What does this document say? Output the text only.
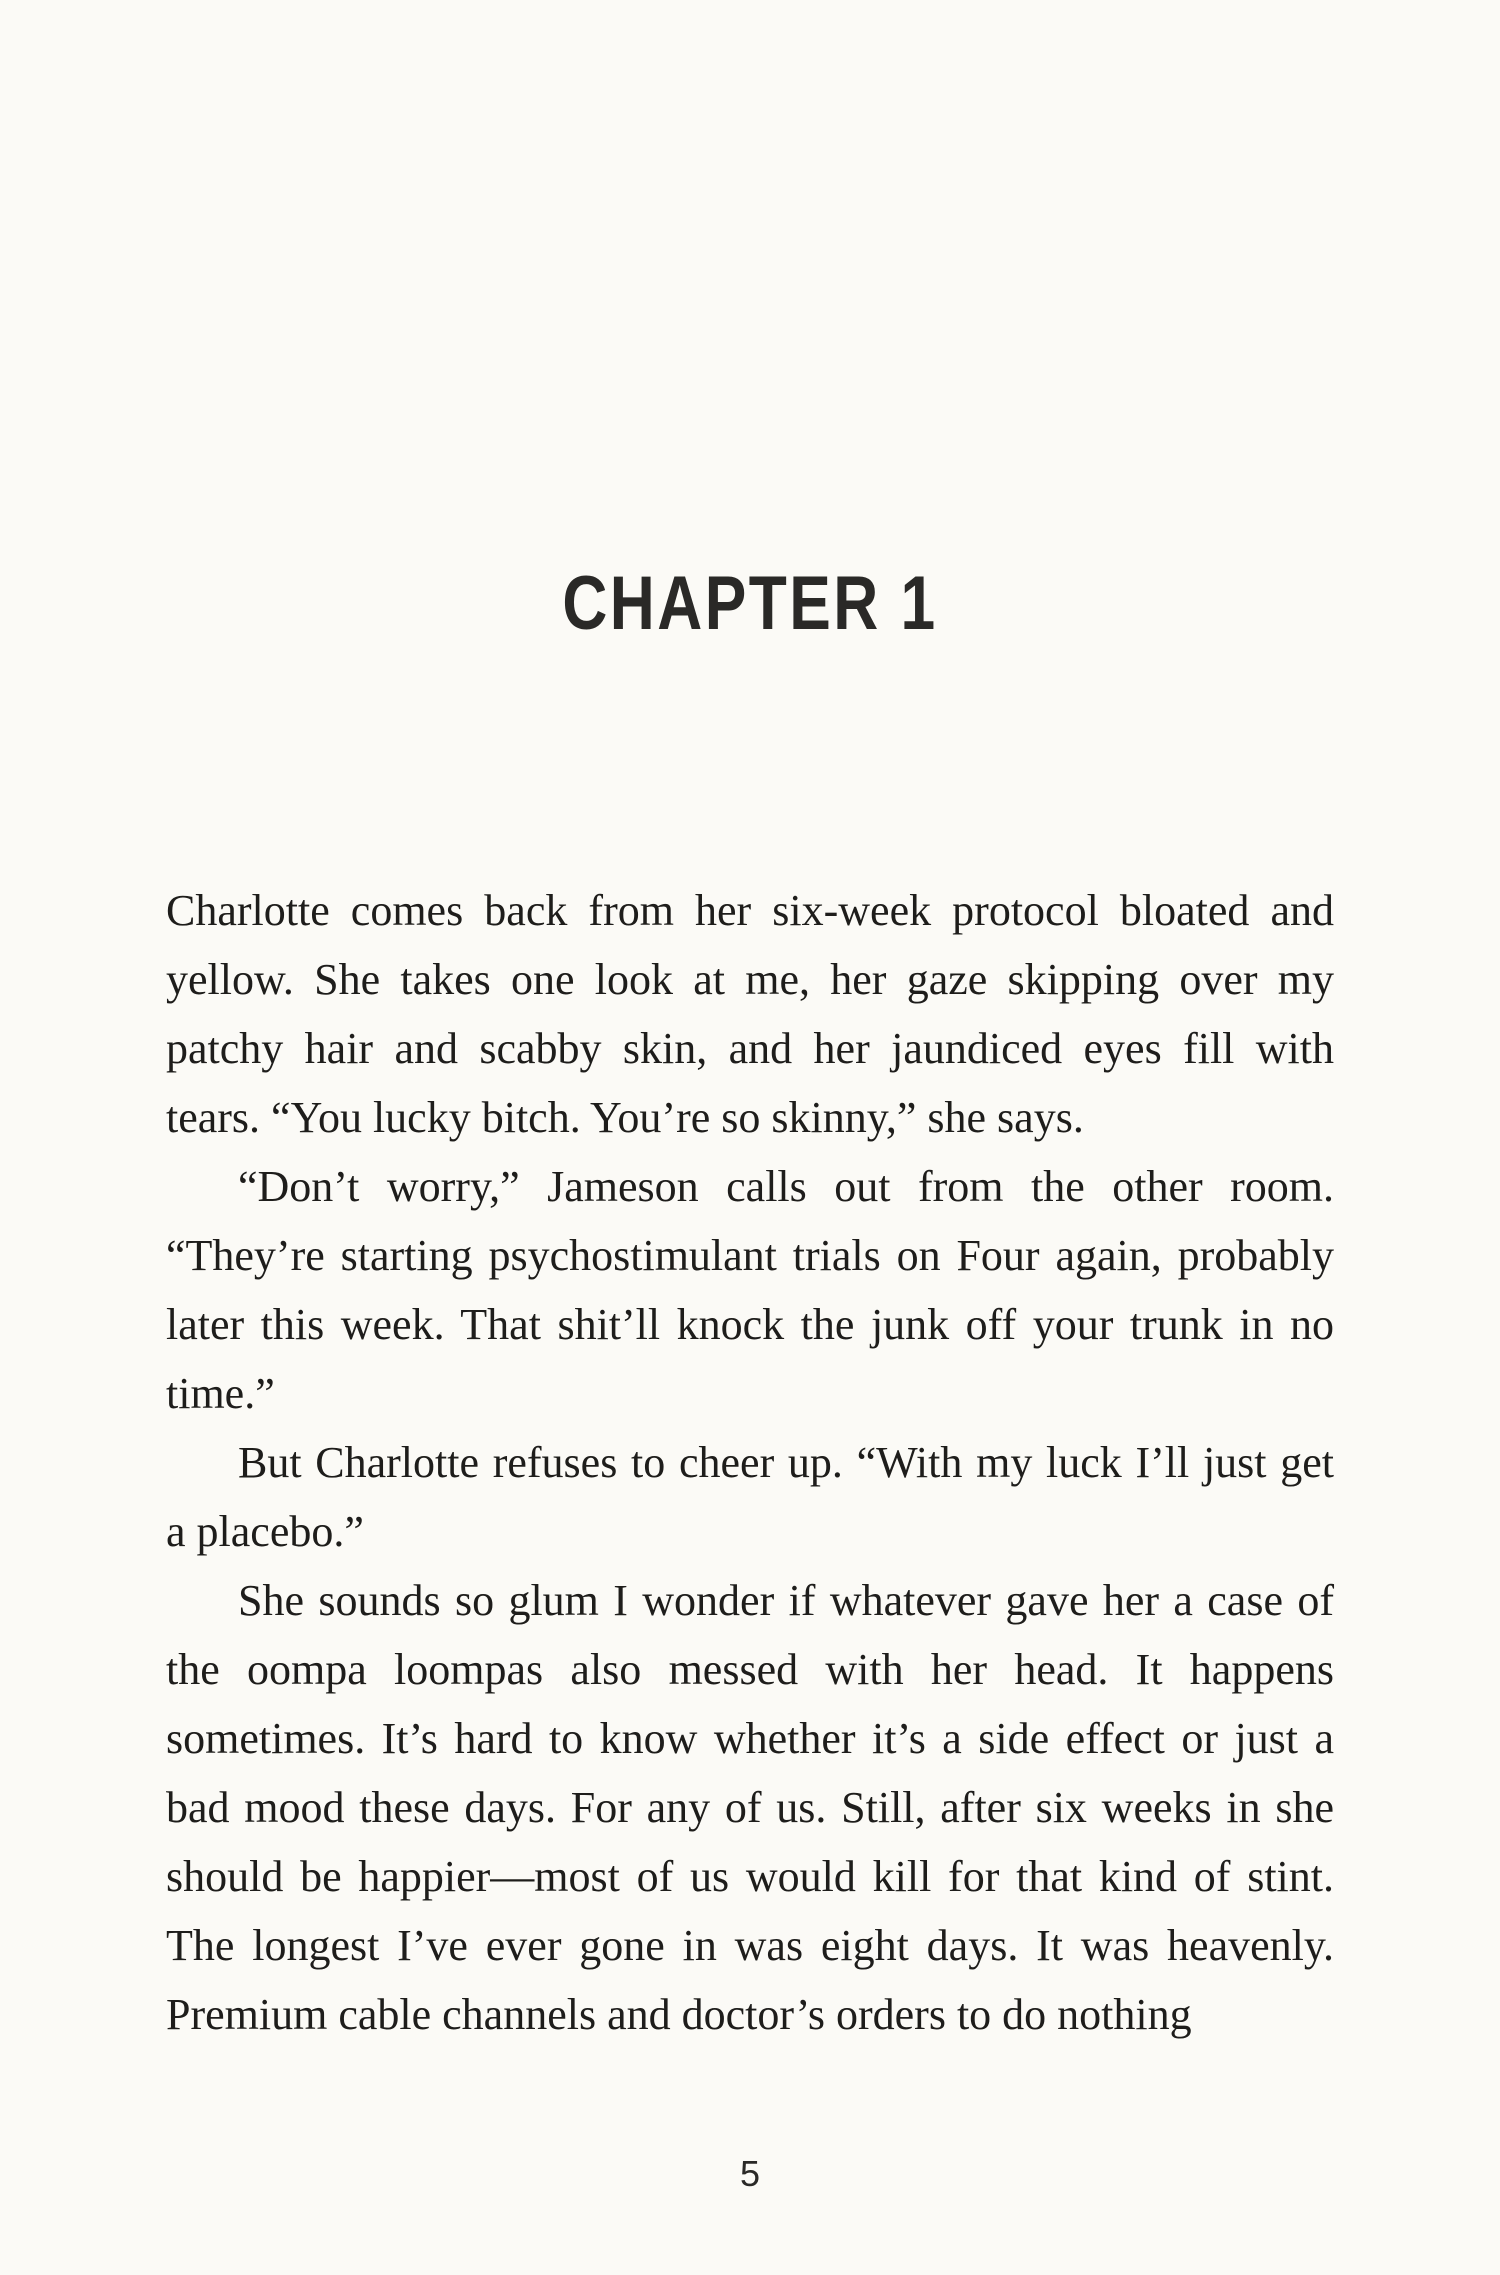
CHAPTER 1

Charlotte comes back from her six-week protocol bloated and yellow. She takes one look at me, her gaze skipping over my patchy hair and scabby skin, and her jaundiced eyes fill with tears. “You lucky bitch. You’re so skinny,” she says.

“Don’t worry,” Jameson calls out from the other room. “They’re starting psychostimulant trials on Four again, probably later this week. That shit’ll knock the junk off your trunk in no time.”

But Charlotte refuses to cheer up. “With my luck I’ll just get a placebo.”

She sounds so glum I wonder if whatever gave her a case of the oompa loompas also messed with her head. It happens sometimes. It’s hard to know whether it’s a side effect or just a bad mood these days. For any of us. Still, after six weeks in she should be happier—most of us would kill for that kind of stint. The longest I’ve ever gone in was eight days. It was heavenly. Premium cable channels and doctor’s orders to do nothing

5
